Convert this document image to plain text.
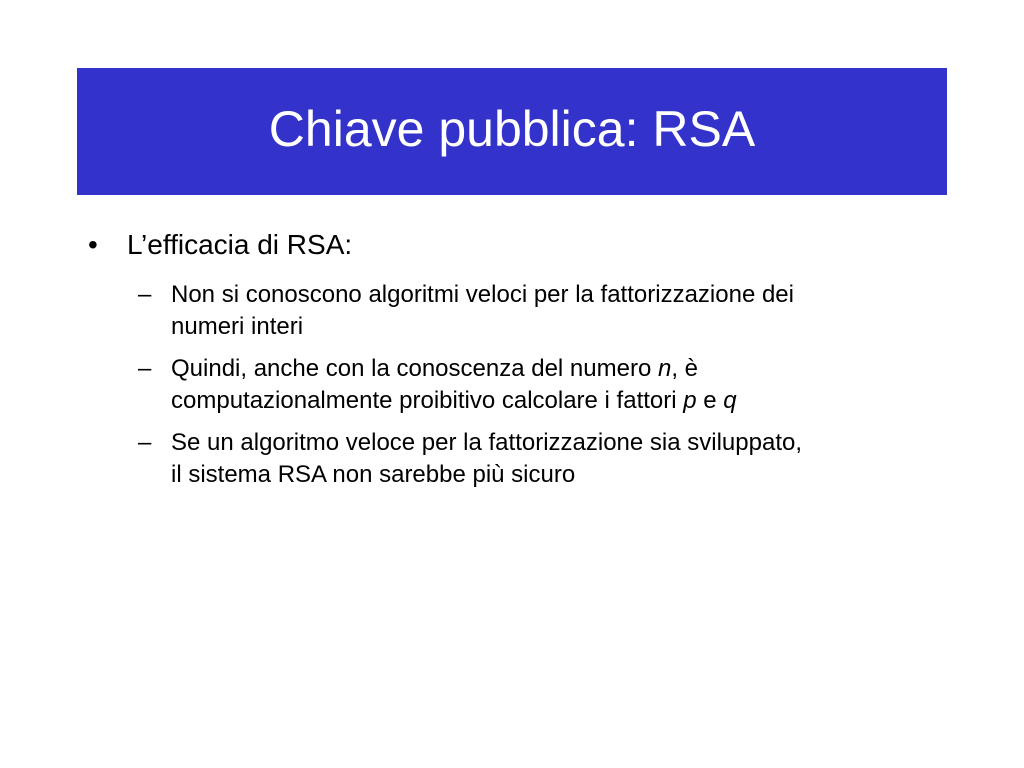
Chiave pubblica: RSA
• L’efficacia di RSA:
– Non si conoscono algoritmi veloci per la fattorizzazione dei
numeri interi
– Quindi, anche con la conoscenza del numero n, è
computazionalmente proibitivo calcolare i fattori p e q
– Se un algoritmo veloce per la fattorizzazione sia sviluppato,
il sistema RSA non sarebbe più sicuro
